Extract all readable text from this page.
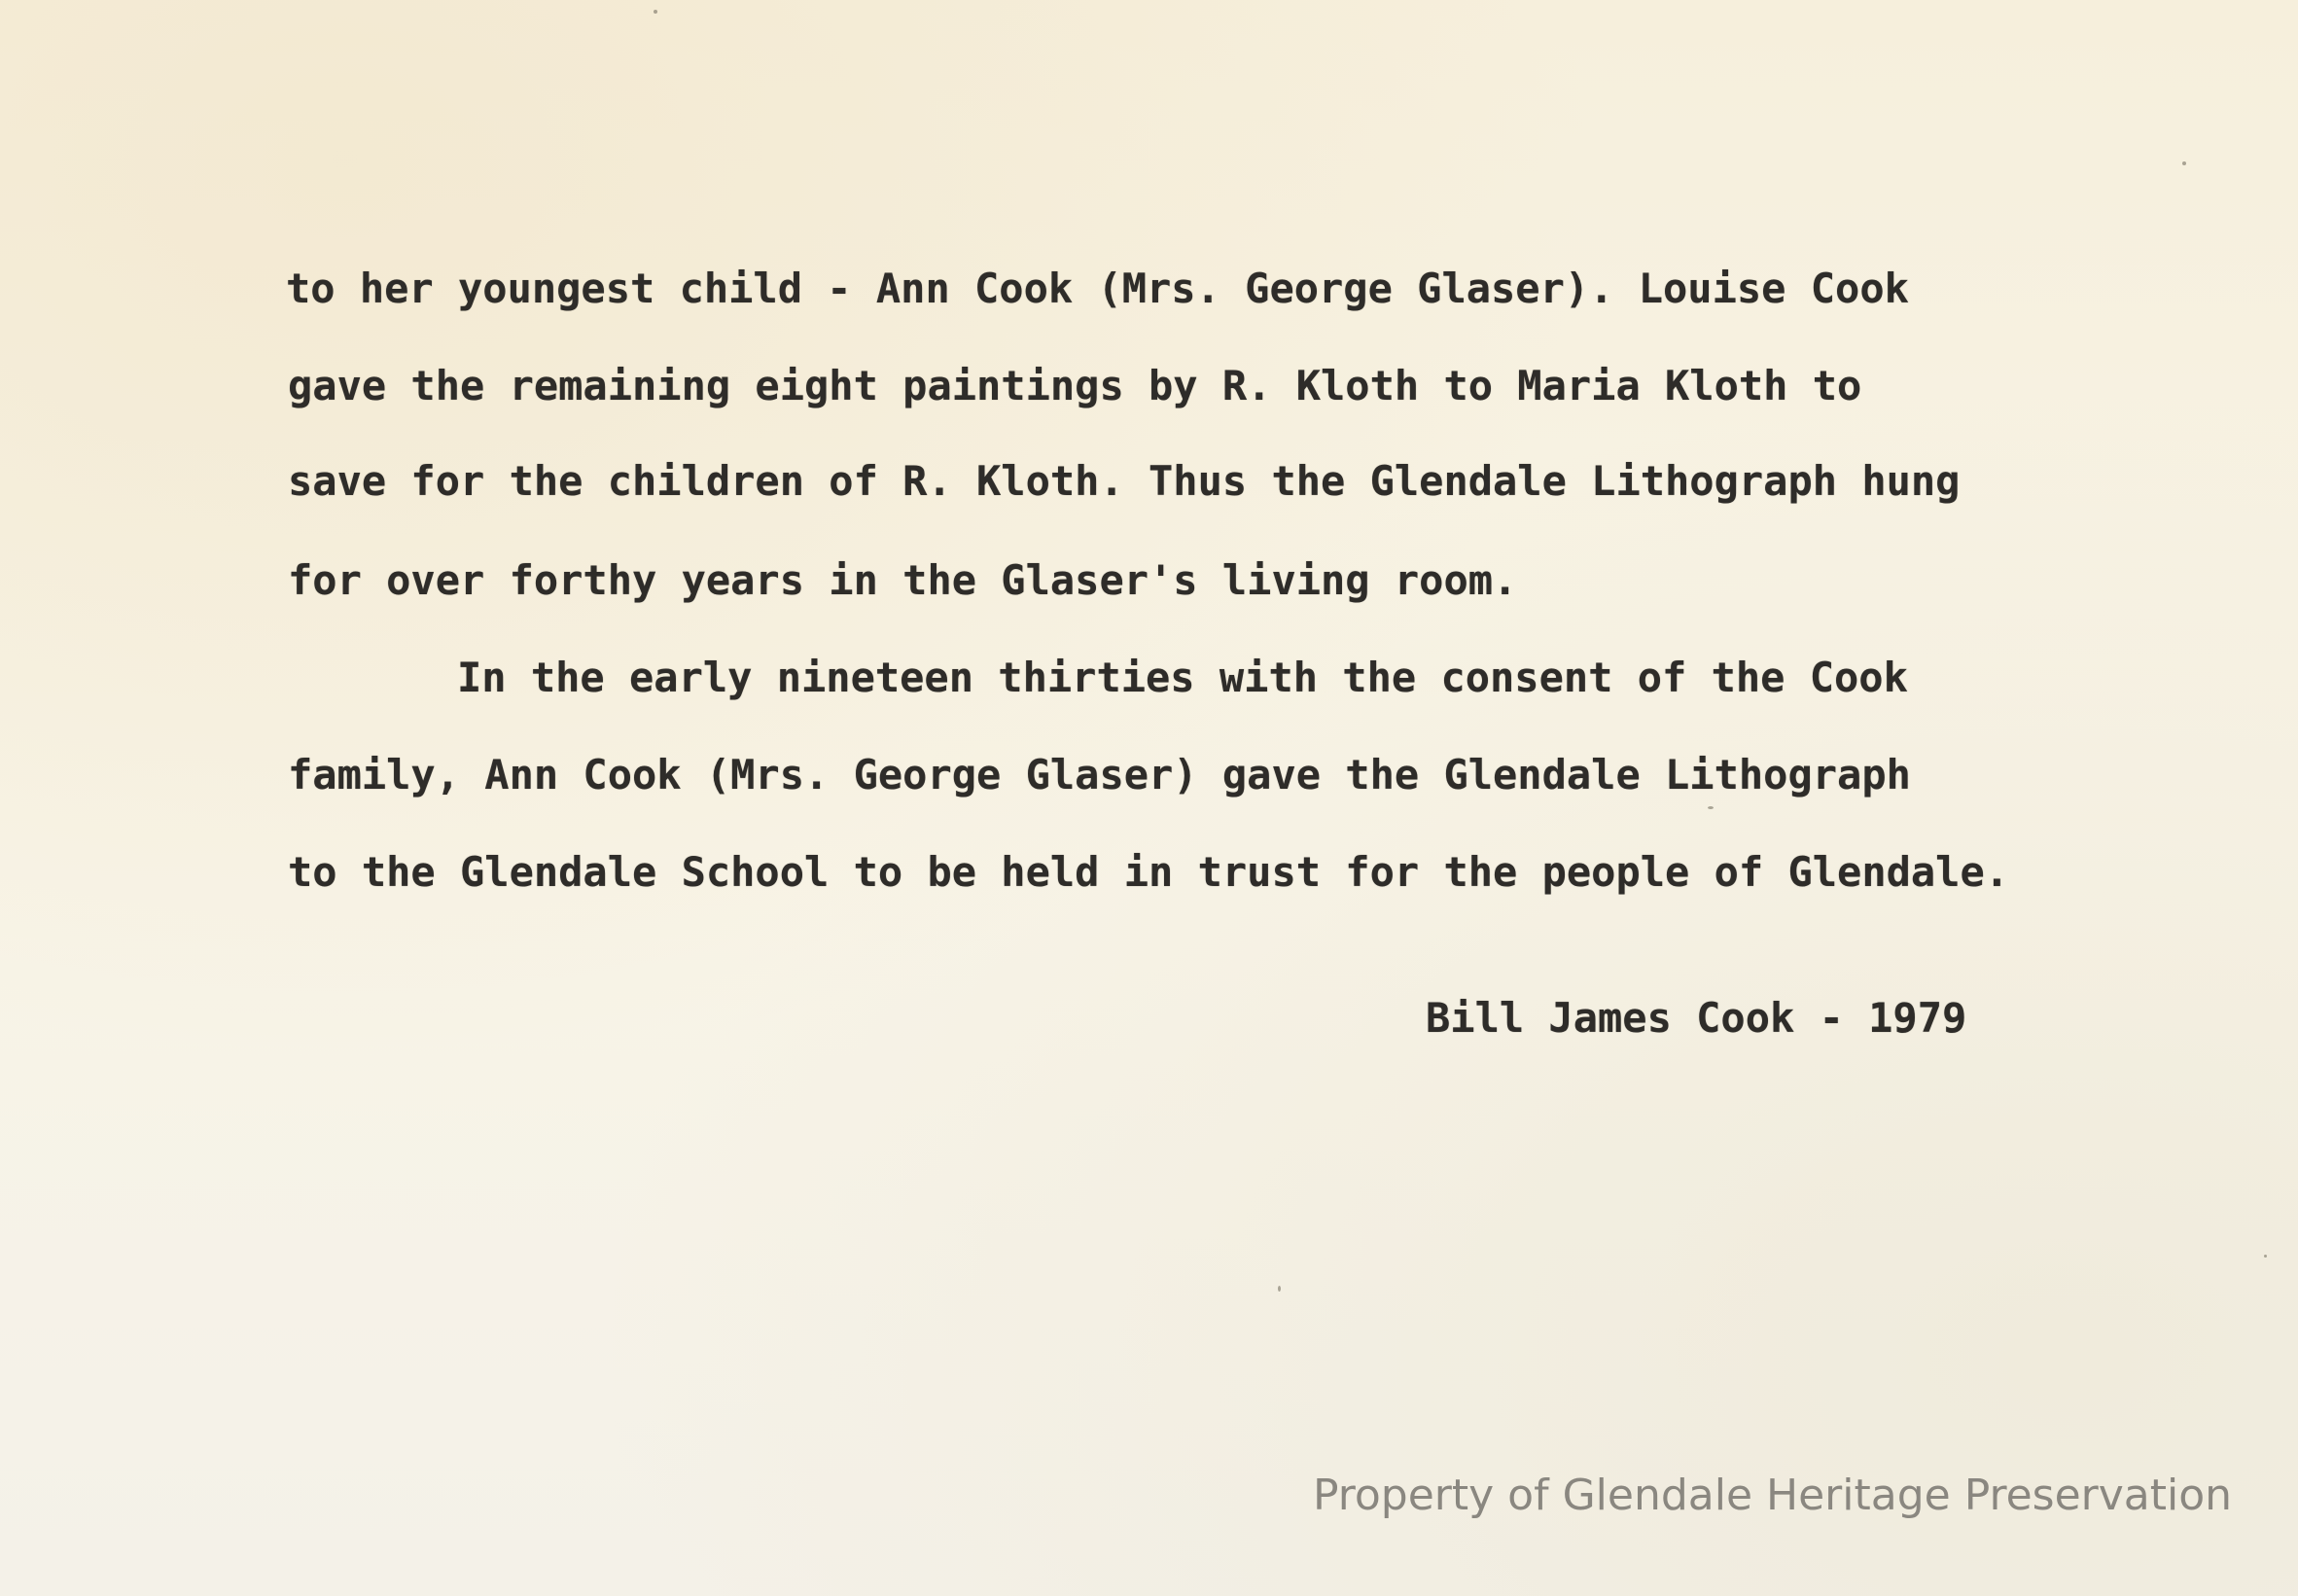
to her youngest child - Ann Cook (Mrs. George Glaser). Louise Cook
gave the remaining eight paintings by R. Kloth to Maria Kloth to
save for the children of R. Kloth. Thus the Glendale Lithograph hung
for over forthy years in the Glaser's living room.
In the early nineteen thirties with the consent of the Cook
family, Ann Cook (Mrs. George Glaser) gave the Glendale Lithograph
to the Glendale School to be held in trust for the people of Glendale.
Bill James Cook - 1979
Property of Glendale Heritage Preservation
